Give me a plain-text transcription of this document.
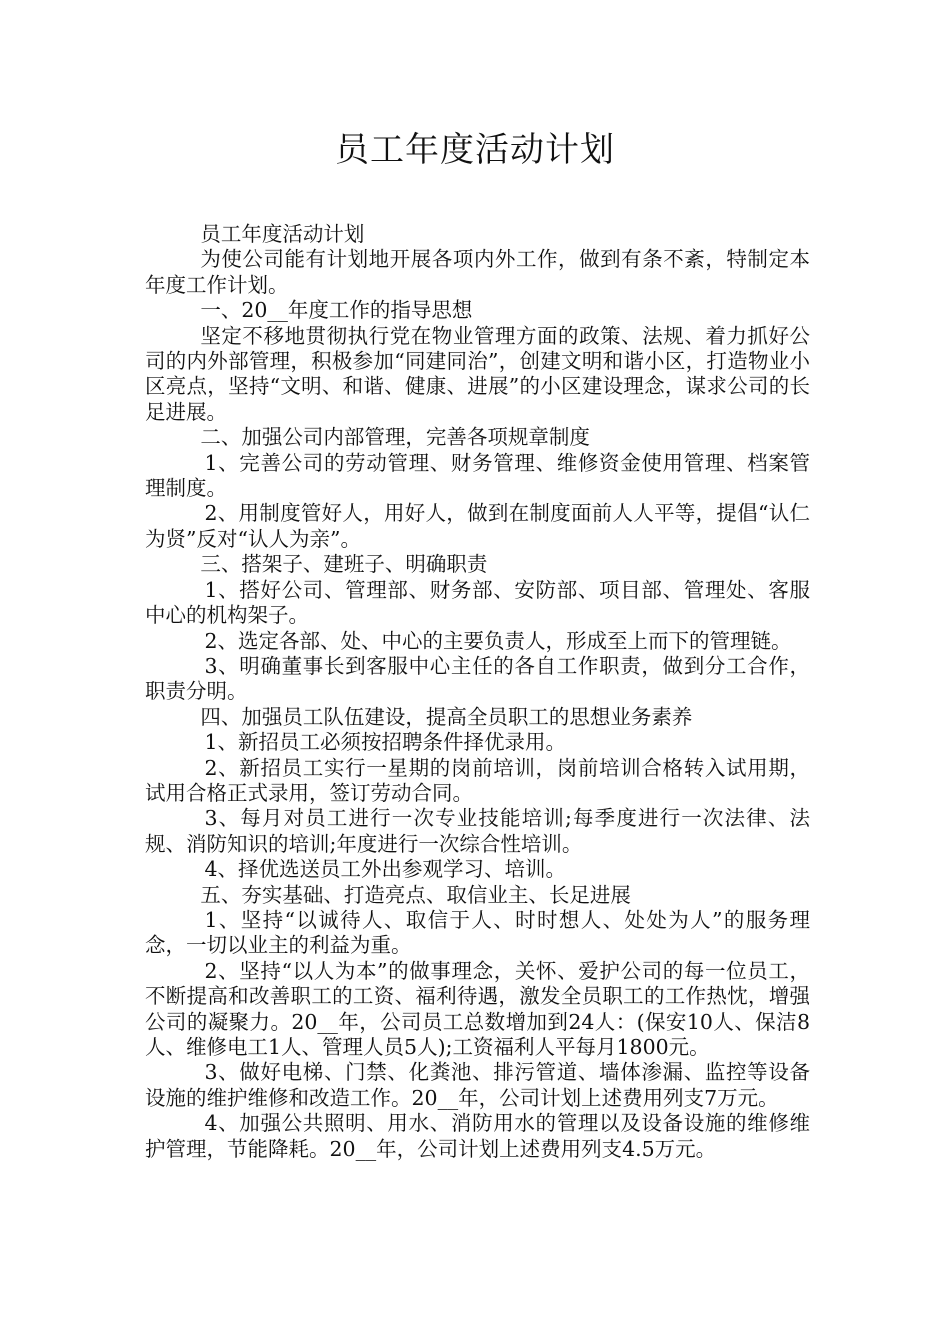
员工年度活动计划

员工年度活动计划

为使公司能有计划地开展各项内外工作，做到有条不紊，特制定本年度工作计划。

一、20__年度工作的指导思想

坚定不移地贯彻执行党在物业管理方面的政策、法规、着力抓好公司的内外部管理，积极参加“同建同治”，创建文明和谐小区，打造物业小区亮点，坚持“文明、和谐、健康、进展”的小区建设理念，谋求公司的长足进展。

二、加强公司内部管理，完善各项规章制度

1、完善公司的劳动管理、财务管理、维修资金使用管理、档案管理制度。

2、用制度管好人，用好人，做到在制度面前人人平等，提倡“认仁为贤”反对“认人为亲”。

三、搭架子、建班子、明确职责

1、搭好公司、管理部、财务部、安防部、项目部、管理处、客服中心的机构架子。

2、选定各部、处、中心的主要负责人，形成至上而下的管理链。

3、明确董事长到客服中心主任的各自工作职责，做到分工合作，职责分明。

四、加强员工队伍建设，提高全员职工的思想业务素养

1、新招员工必须按招聘条件择优录用。

2、新招员工实行一星期的岗前培训，岗前培训合格转入试用期，试用合格正式录用，签订劳动合同。

3、每月对员工进行一次专业技能培训;每季度进行一次法律、法规、消防知识的培训;年度进行一次综合性培训。

4、择优选送员工外出参观学习、培训。

五、夯实基础、打造亮点、取信业主、长足进展

1、坚持“以诚待人、取信于人、时时想人、处处为人”的服务理念，一切以业主的利益为重。

2、坚持“以人为本”的做事理念，关怀、爱护公司的每一位员工，不断提高和改善职工的工资、福利待遇，激发全员职工的工作热忱，增强公司的凝聚力。20__年，公司员工总数增加到24人：(保安10人、保洁8人、维修电工1人、管理人员5人);工资福利人平每月1800元。

3、做好电梯、门禁、化粪池、排污管道、墙体渗漏、监控等设备设施的维护维修和改造工作。20__年，公司计划上述费用列支7万元。

4、加强公共照明、用水、消防用水的管理以及设备设施的维修维护管理，节能降耗。20__年，公司计划上述费用列支4.5万元。
